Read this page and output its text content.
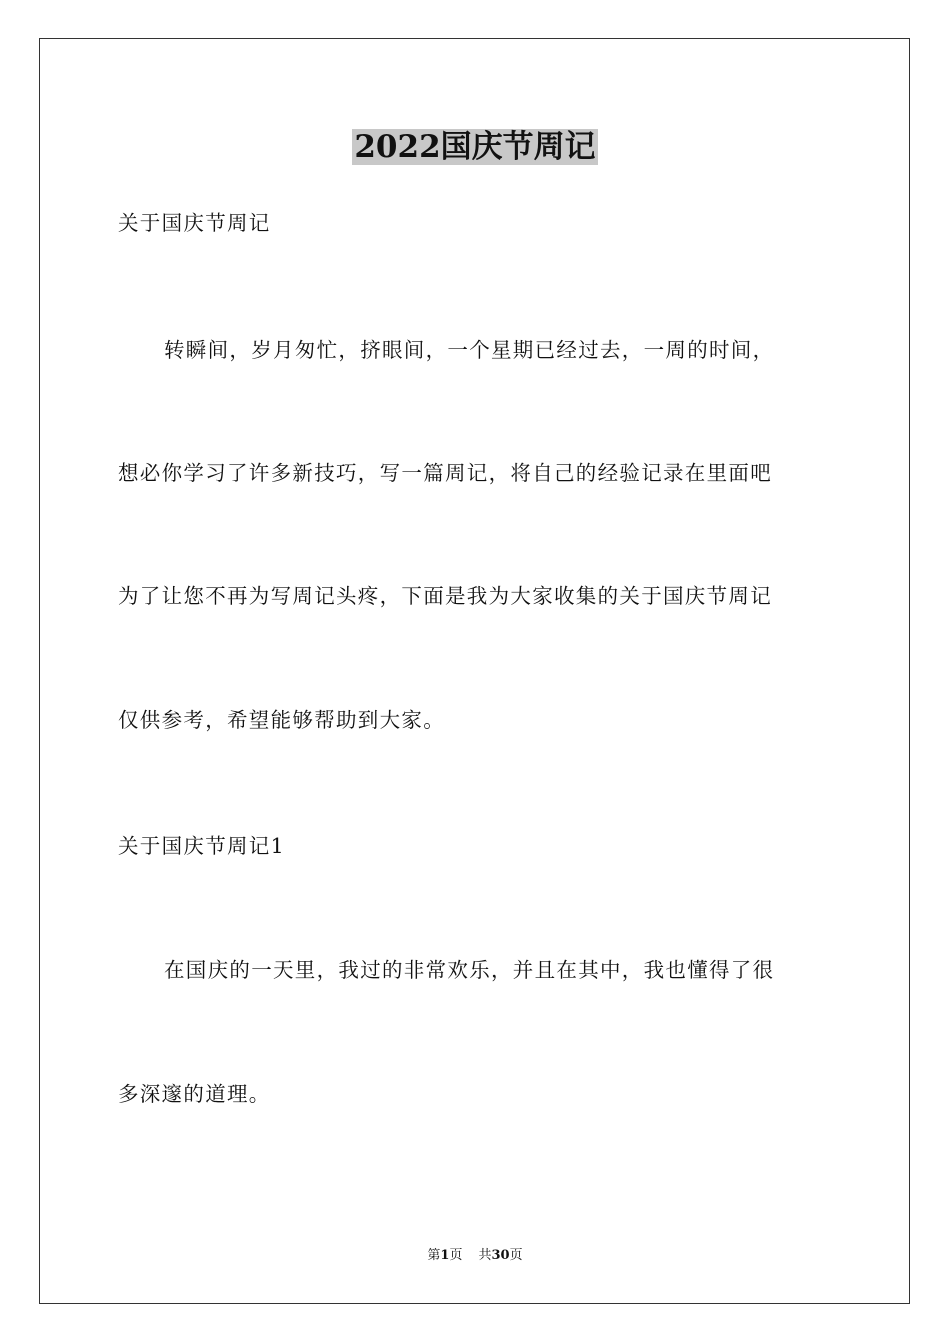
2022国庆节周记

关于国庆节周记

转瞬间，岁月匆忙，挤眼间，一个星期已经过去，一周的时间，

想必你学习了许多新技巧，写一篇周记，将自己的经验记录在里面吧

为了让您不再为写周记头疼，下面是我为大家收集的关于国庆节周记

仅供参考，希望能够帮助到大家。

关于国庆节周记1

在国庆的一天里，我过的非常欢乐，并且在其中，我也懂得了很

多深邃的道理。

第1页 共30页
